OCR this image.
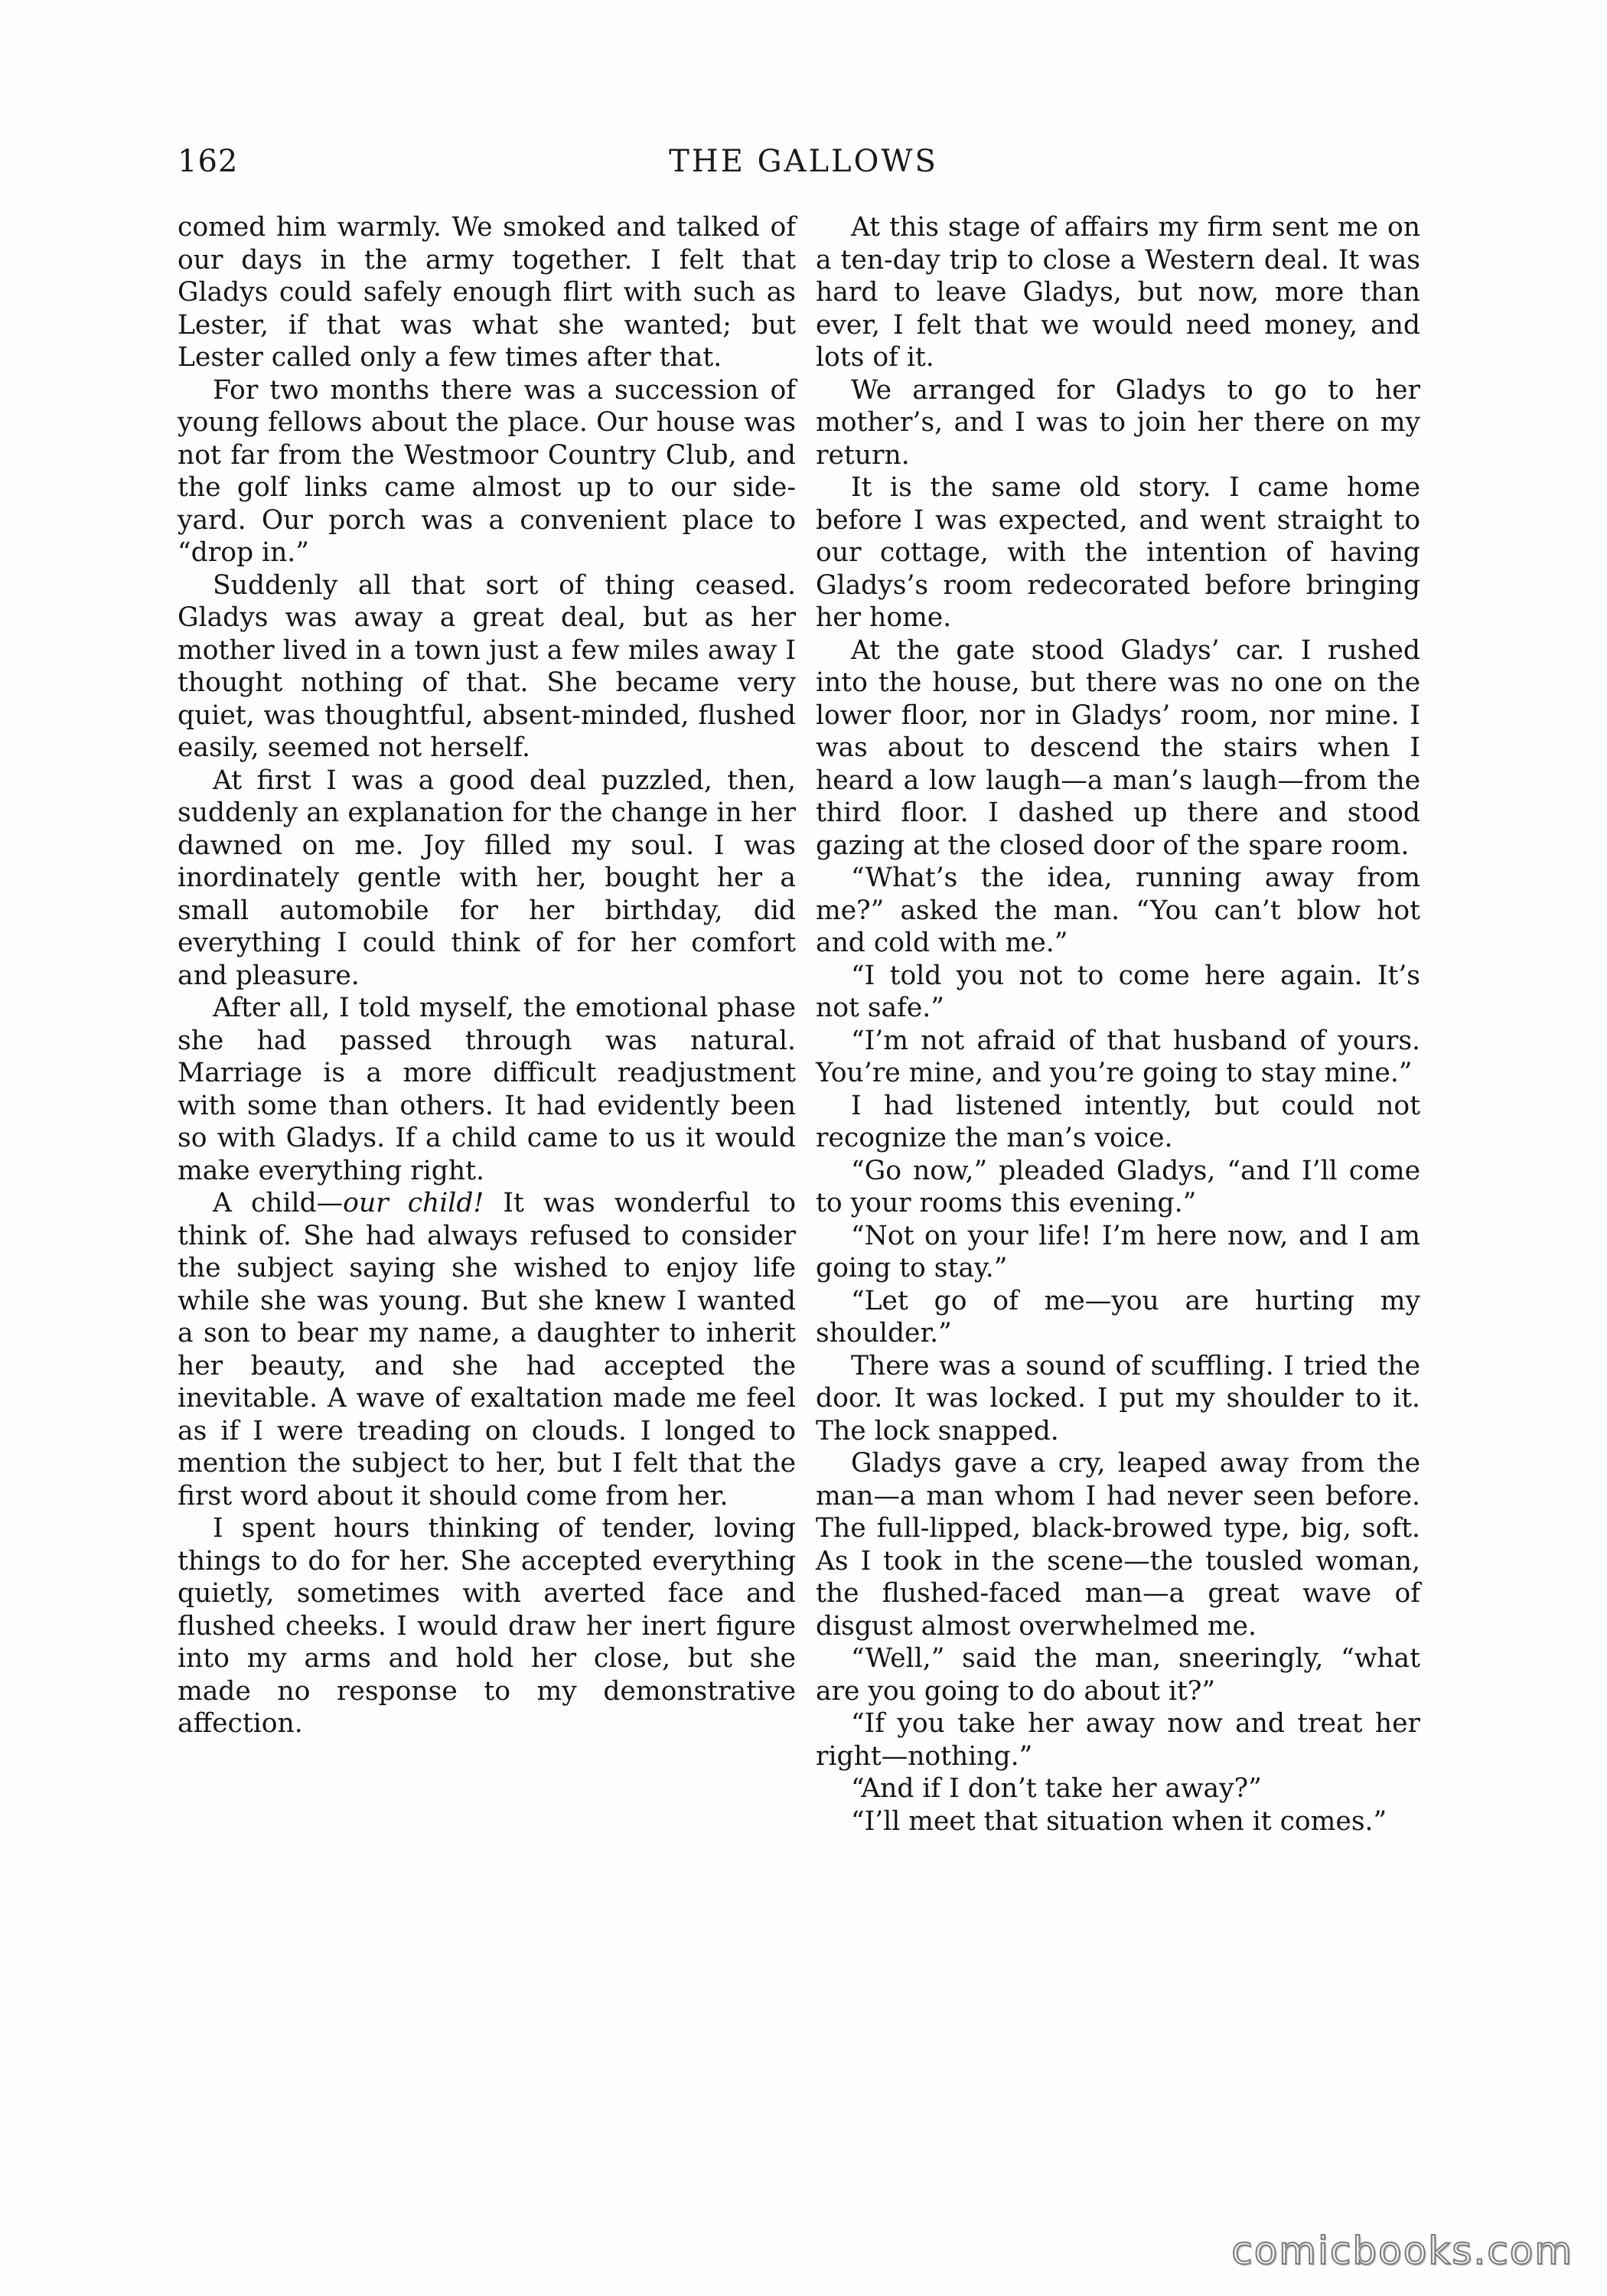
162	THE GALLOWS

comed him warmly. We smoked and talked of our days in the army together. I felt that Gladys could safely enough flirt with such as Lester, if that was what she wanted; but Lester called only a few times after that.

For two months there was a succession of young fellows about the place. Our house was not far from the Westmoor Country Club, and the golf links came almost up to our side-yard. Our porch was a convenient place to “drop in.”

Suddenly all that sort of thing ceased. Gladys was away a great deal, but as her mother lived in a town just a few miles away I thought nothing of that. She became very quiet, was thoughtful, absent-minded, flushed easily, seemed not herself.

At first I was a good deal puzzled, then, suddenly an explanation for the change in her dawned on me. Joy filled my soul. I was inordinately gentle with her, bought her a small automobile for her birthday, did everything I could think of for her comfort and pleasure.

After all, I told myself, the emotional phase she had passed through was natural. Marriage is a more difficult readjustment with some than others. It had evidently been so with Gladys. If a child came to us it would make everything right.

A child—our child! It was wonderful to think of. She had always refused to consider the subject saying she wished to enjoy life while she was young. But she knew I wanted a son to bear my name, a daughter to inherit her beauty, and she had accepted the inevitable. A wave of exaltation made me feel as if I were treading on clouds. I longed to mention the subject to her, but I felt that the first word about it should come from her.

I spent hours thinking of tender, loving things to do for her. She accepted everything quietly, sometimes with averted face and flushed cheeks. I would draw her inert figure into my arms and hold her close, but she made no response to my demonstrative affection.

At this stage of affairs my firm sent me on a ten-day trip to close a Western deal. It was hard to leave Gladys, but now, more than ever, I felt that we would need money, and lots of it.

We arranged for Gladys to go to her mother’s, and I was to join her there on my return.

It is the same old story. I came home before I was expected, and went straight to our cottage, with the intention of having Gladys’s room redecorated before bringing her home.

At the gate stood Gladys’ car. I rushed into the house, but there was no one on the lower floor, nor in Gladys’ room, nor mine. I was about to descend the stairs when I heard a low laugh—a man’s laugh—from the third floor. I dashed up there and stood gazing at the closed door of the spare room.

“What’s the idea, running away from me?” asked the man. “You can’t blow hot and cold with me.”

“I told you not to come here again. It’s not safe.”

“I’m not afraid of that husband of yours. You’re mine, and you’re going to stay mine.”

I had listened intently, but could not recognize the man’s voice.

“Go now,” pleaded Gladys, “and I’ll come to your rooms this evening.”

“Not on your life! I’m here now, and I am going to stay.”

“Let go of me—you are hurting my shoulder.”

There was a sound of scuffling. I tried the door. It was locked. I put my shoulder to it. The lock snapped.

Gladys gave a cry, leaped away from the man—a man whom I had never seen before. The full-lipped, black-browed type, big, soft. As I took in the scene—the tousled woman, the flushed-faced man—a great wave of disgust almost overwhelmed me.

“Well,” said the man, sneeringly, “what are you going to do about it?”

“If you take her away now and treat her right—nothing.”

“And if I don’t take her away?”

“I’ll meet that situation when it comes.”

comicbooks.com
